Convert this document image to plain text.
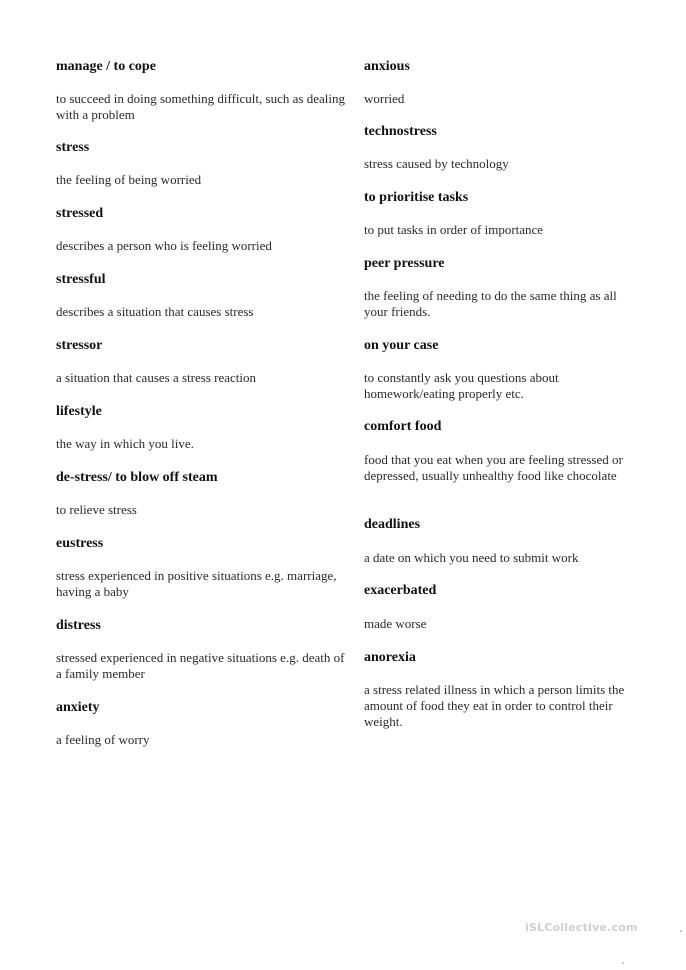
manage / to cope
to succeed in doing something difficult, such as dealing with a problem
stress
the feeling of being worried
stressed
describes a person who is feeling worried
stressful
describes a situation that causes stress
stressor
a situation that causes a stress reaction
lifestyle
the way in which you live.
de-stress/ to blow off steam
to relieve stress
eustress
stress experienced in positive situations e.g. marriage, having a baby
distress
stressed experienced in negative situations e.g. death of a family member
anxiety
a feeling of worry
anxious
worried
technostress
stress caused by technology
to prioritise tasks
to put tasks in order of importance
peer pressure
the feeling of needing to do the same thing as all your friends.
on your case
to constantly ask you questions about homework/eating properly etc.
comfort food
food that you eat when you are feeling stressed or depressed, usually unhealthy food like chocolate
deadlines
a date on which you need to submit work
exacerbated
made worse
anorexia
a stress related illness in which a person limits the amount of food they eat in order to control their weight.
iSLCollective.com
